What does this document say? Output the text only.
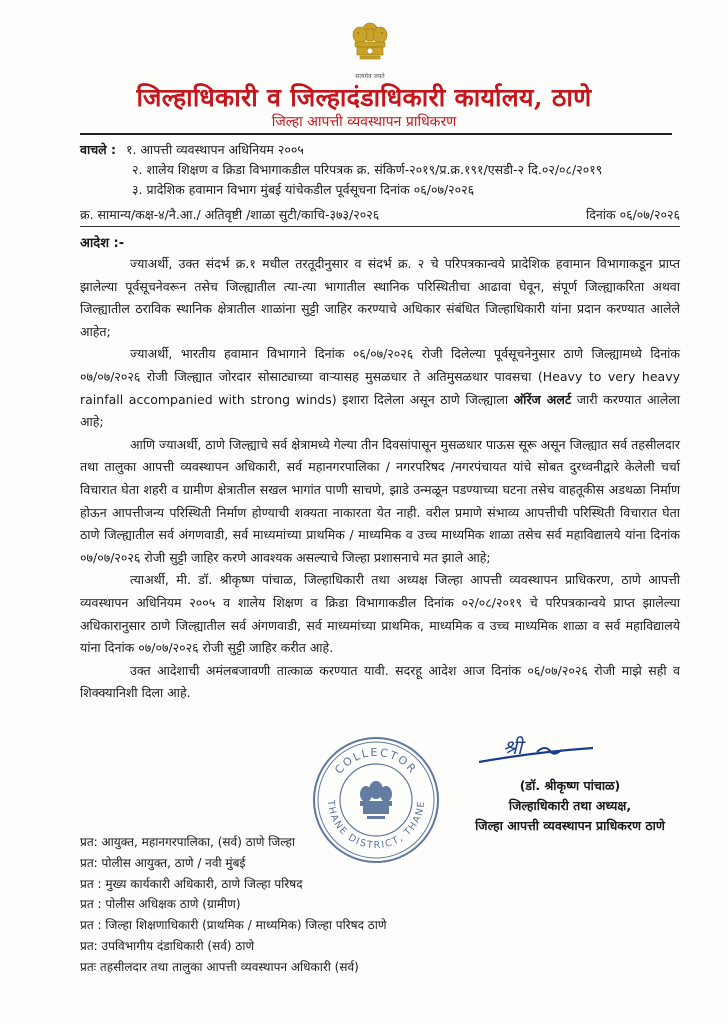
सत्यमेव जयते
जिल्हाधिकारी व जिल्हादंडाधिकारी कार्यालय, ठाणे
जिल्हा आपत्ती व्यवस्थापन प्राधिकरण
वाचले : १. आपत्ती व्यवस्थापन अधिनियम २००५
२. शालेय शिक्षण व क्रिडा विभागाकडील परिपत्रक क्र. संकिर्ण-२०१९/प्र.क्र.१९१/एसडी-२ दि.०२/०८/२०१९
३. प्रादेशिक हवामान विभाग मुंबई यांचेकडील पूर्वसूचना दिनांक ०६/०७/२०२६
क्र. सामान्य/कक्ष-४/नै.आ./ अतिवृष्टी /शाळा सुटी/काचि-३७३/२०२६	दिनांक ०६/०७/२०२६
आदेश :-

ज्याअर्थी, उक्त संदर्भ क्र.१ मधील तरतूदीनुसार व संदर्भ क्र. २ चे परिपत्रकान्वये प्रादेशिक हवामान विभागाकडून प्राप्त झालेल्या पूर्वसूचनेवरून तसेच जिल्ह्यातील त्या-त्या भागातील स्थानिक परिस्थितीचा आढावा घेवून, संपूर्ण जिल्ह्याकरिता अथवा जिल्ह्यातील ठराविक स्थानिक क्षेत्रातील शाळांना सुट्टी जाहिर करण्याचे अधिकार संबंधित जिल्हाधिकारी यांना प्रदान करण्यात आलेले आहेत;

ज्याअर्थी, भारतीय हवामान विभागाने दिनांक ०६/०७/२०२६ रोजी दिलेल्या पूर्वसूचनेनुसार ठाणे जिल्ह्यामध्ये दिनांक ०७/०७/२०२६ रोजी जिल्ह्यात जोरदार सोसाट्याच्या वाऱ्यासह मुसळधार ते अतिमुसळधार पावसचा (Heavy to very heavy rainfall accompanied with strong winds) इशारा दिलेला असून ठाणे जिल्ह्याला ऑरेंज अलर्ट जारी करण्यात आलेला आहे;

आणि ज्याअर्थी, ठाणे जिल्ह्याचे सर्व क्षेत्रामध्ये गेल्या तीन दिवसांपासून मुसळधार पाऊस सूरू असून जिल्ह्यात सर्व तहसीलदार तथा तालुका आपत्ती व्यवस्थापन अधिकारी, सर्व महानगरपालिका / नगरपरिषद /नगरपंचायत यांचे सोबत दुरध्वनीद्वारे केलेली चर्चा विचारात घेता शहरी व ग्रामीण क्षेत्रातील सखल भागांत पाणी साचणे, झाडे उन्मळून पडण्याच्या घटना तसेच वाहतूकीस अडथळा निर्माण होऊन आपत्तीजन्य परिस्थिती निर्माण होण्याची शक्यता नाकारता येत नाही. वरील प्रमाणे संभाव्य आपत्तीची परिस्थिती विचारात घेता ठाणे जिल्ह्यातील सर्व अंगणवाडी, सर्व माध्यमांच्या प्राथमिक / माध्यमिक व उच्च माध्यमिक शाळा तसेच सर्व महाविद्यालये यांना दिनांक ०७/०७/२०२६ रोजी सुट्टी जाहिर करणे आवश्यक असल्याचे जिल्हा प्रशासनाचे मत झाले आहे;

त्याअर्थी, मी. डॉ. श्रीकृष्ण पांचाळ, जिल्हाधिकारी तथा अध्यक्ष जिल्हा आपत्ती व्यवस्थापन प्राधिकरण, ठाणे आपत्ती व्यवस्थापन अधिनियम २००५ व शालेय शिक्षण व क्रिडा विभागाकडील दिनांक ०२/०८/२०१९ चे परिपत्रकान्वये प्राप्त झालेल्या अधिकारानुसार ठाणे जिल्ह्यातील सर्व अंगणवाडी, सर्व माध्यमांच्या प्राथमिक, माध्यमिक व उच्च माध्यमिक शाळा व सर्व महाविद्यालये यांना दिनांक ०७/०७/२०२६ रोजी सुट्टी जाहिर करीत आहे.

उक्त आदेशाची अमंलबजावणी तात्काळ करण्यात यावी. सदरहू आदेश आज दिनांक ०६/०७/२०२६ रोजी माझे सही व शिक्क्यानिशी दिला आहे.

COLLECTOR
THANE DISTRICT, THANE
श्री
(डॉ. श्रीकृष्ण पांचाळ)
जिल्हाधिकारी तथा अध्यक्ष,
जिल्हा आपत्ती व्यवस्थापन प्राधिकरण ठाणे
प्रत: आयुक्त, महानगरपालिका, (सर्व) ठाणे जिल्हा
प्रत: पोलीस आयुक्त, ठाणे / नवी मुंबई
प्रत : मुख्य कार्यकारी अधिकारी, ठाणे जिल्हा परिषद
प्रत : पोलीस अधिक्षक ठाणे (ग्रामीण)
प्रत : जिल्हा शिक्षणाधिकारी (प्राथमिक / माध्यमिक) जिल्हा परिषद ठाणे
प्रत: उपविभागीय दंडाधिकारी (सर्व) ठाणे
प्रतः तहसीलदार तथा तालुका आपत्ती व्यवस्थापन अधिकारी (सर्व)
